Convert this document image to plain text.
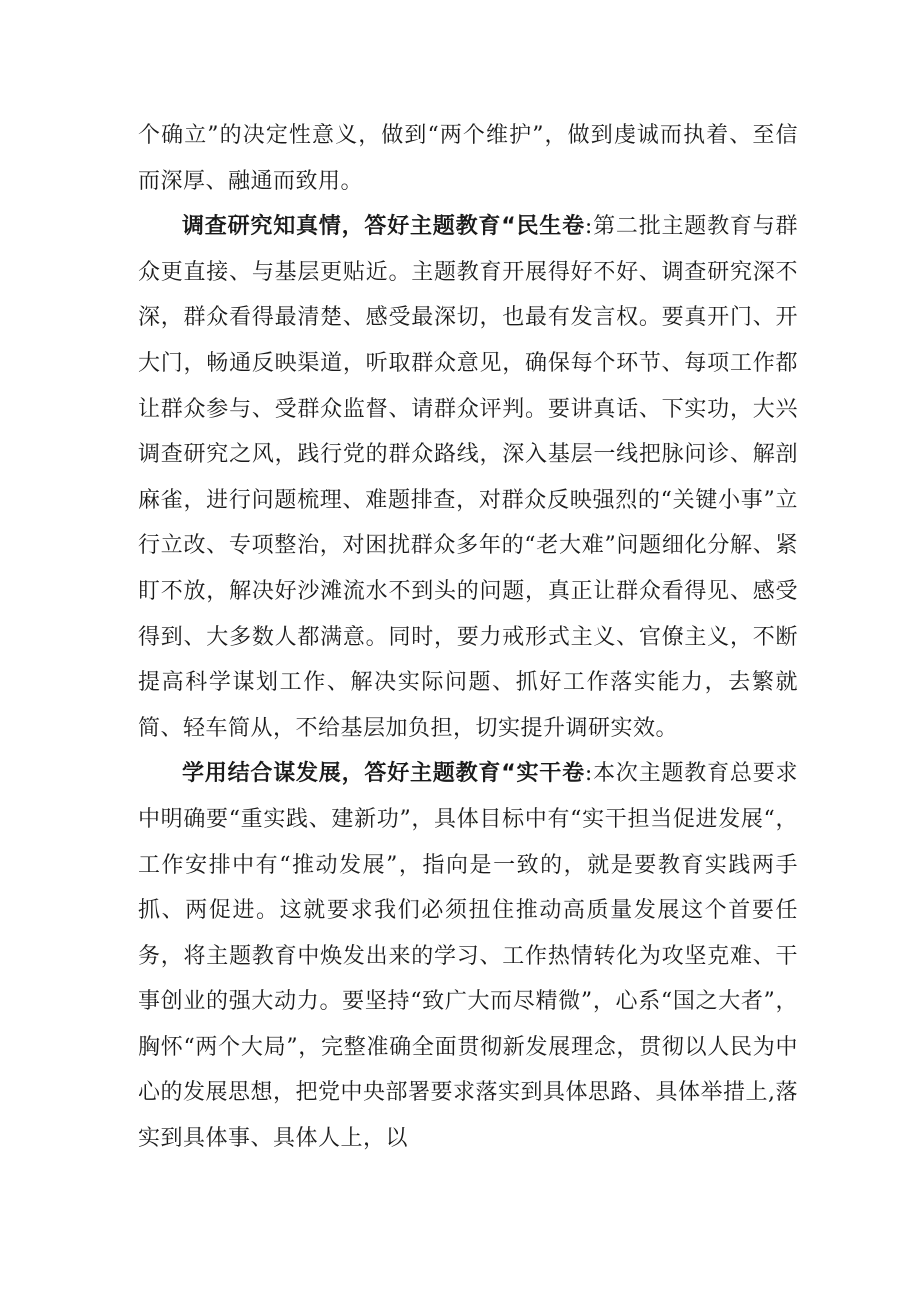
个确立”的决定性意义，做到“两个维护”，做到虔诚而执着、至信而深厚、融通而致用。

调查研究知真情，答好主题教育“民生卷:第二批主题教育与群众更直接、与基层更贴近。主题教育开展得好不好、调查研究深不深，群众看得最清楚、感受最深切，也最有发言权。要真开门、开大门，畅通反映渠道，听取群众意见，确保每个环节、每项工作都让群众参与、受群众监督、请群众评判。要讲真话、下实功，大兴调查研究之风，践行党的群众路线，深入基层一线把脉问诊、解剖麻雀，进行问题梳理、难题排查，对群众反映强烈的“关键小事”立行立改、专项整治，对困扰群众多年的“老大难”问题细化分解、紧盯不放，解决好沙滩流水不到头的问题，真正让群众看得见、感受得到、大多数人都满意。同时，要力戒形式主义、官僚主义，不断提高科学谋划工作、解决实际问题、抓好工作落实能力，去繁就简、轻车简从，不给基层加负担，切实提升调研实效。

学用结合谋发展，答好主题教育“实干卷:本次主题教育总要求中明确要“重实践、建新功”，具体目标中有“实干担当促进发展“，工作安排中有“推动发展”，指向是一致的，就是要教育实践两手抓、两促进。这就要求我们必须扭住推动高质量发展这个首要任务，将主题教育中焕发出来的学习、工作热情转化为攻坚克难、干事创业的强大动力。要坚持“致广大而尽精微”，心系“国之大者”，胸怀“两个大局”，完整准确全面贯彻新发展理念，贯彻以人民为中心的发展思想，把党中央部署要求落实到具体思路、具体举措上,落实到具体事、具体人上，以
